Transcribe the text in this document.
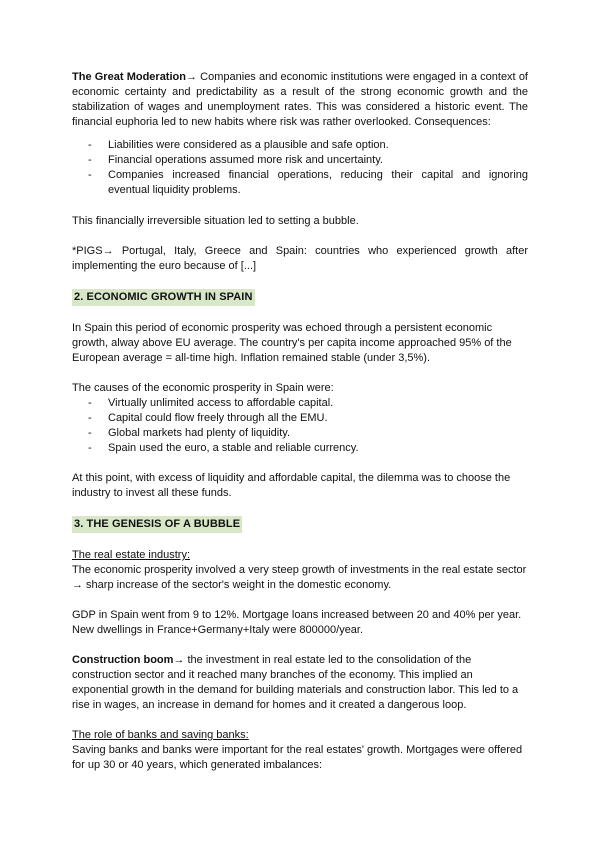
The Great Moderation→ Companies and economic institutions were engaged in a context of economic certainty and predictability as a result of the strong economic growth and the stabilization of wages and unemployment rates. This was considered a historic event. The financial euphoria led to new habits where risk was rather overlooked. Consequences:

- Liabilities were considered as a plausible and safe option.
- Financial operations assumed more risk and uncertainty.
- Companies increased financial operations, reducing their capital and ignoring eventual liquidity problems.

This financially irreversible situation led to setting a bubble.

*PIGS→ Portugal, Italy, Greece and Spain: countries who experienced growth after implementing the euro because of [...]

2. ECONOMIC GROWTH IN SPAIN

In Spain this period of economic prosperity was echoed through a persistent economic growth, alway above EU average. The country's per capita income approached 95% of the European average = all-time high. Inflation remained stable (under 3,5%).

The causes of the economic prosperity in Spain were:

- Virtually unlimited access to affordable capital.
- Capital could flow freely through all the EMU.
- Global markets had plenty of liquidity.
- Spain used the euro, a stable and reliable currency.

At this point, with excess of liquidity and affordable capital, the dilemma was to choose the industry to invest all these funds.

3. THE GENESIS OF A BUBBLE

The real estate industry:

The economic prosperity involved a very steep growth of investments in the real estate sector → sharp increase of the sector's weight in the domestic economy.

GDP in Spain went from 9 to 12%. Mortgage loans increased between 20 and 40% per year. New dwellings in France+Germany+Italy were 800000/year.

Construction boom→ the investment in real estate led to the consolidation of the construction sector and it reached many branches of the economy. This implied an exponential growth in the demand for building materials and construction labor. This led to a rise in wages, an increase in demand for homes and it created a dangerous loop.

The role of banks and saving banks:

Saving banks and banks were important for the real estates' growth. Mortgages were offered for up 30 or 40 years, which generated imbalances:
